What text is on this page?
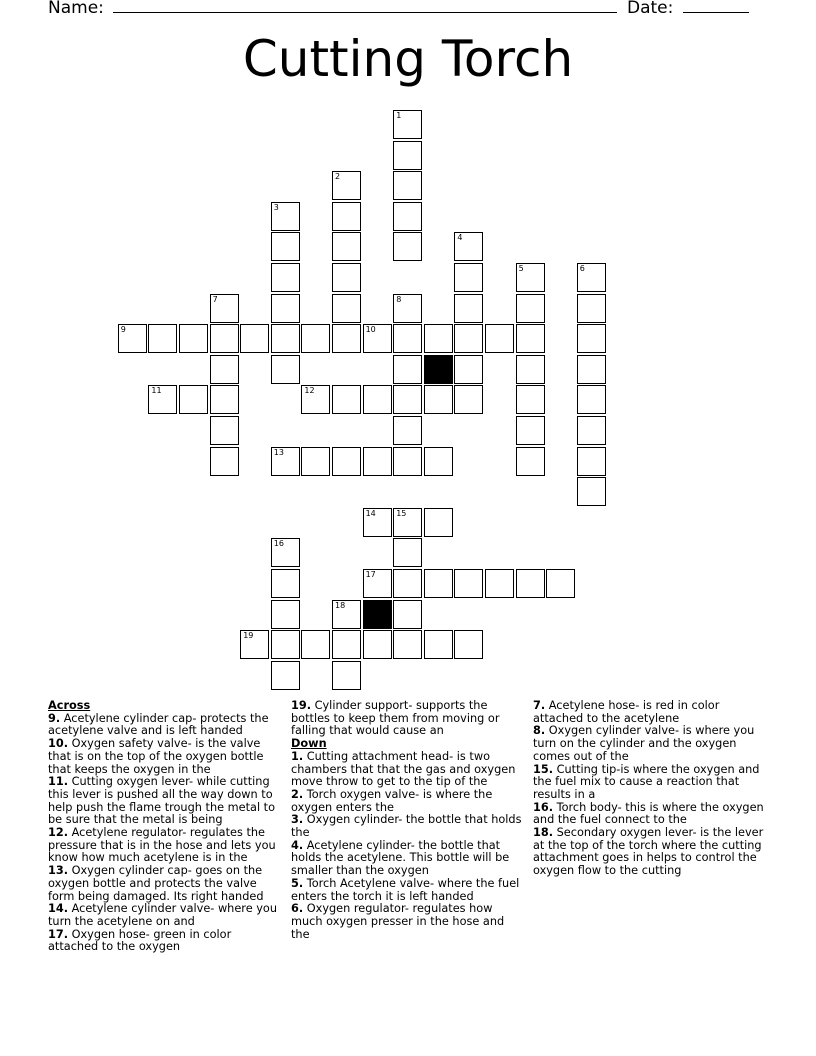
Name:	Date:
Cutting Torch
1
2
3
4
5	6
7	8
9	10
11	12
13
14	15
16
17
18
19
Across

9. Acetylene cylinder cap- protects the acetylene valve and is left handed

10. Oxygen safety valve- is the valve that is on the top of the oxygen bottle that keeps the oxygen in the

11. Cutting oxygen lever- while cutting this lever is pushed all the way down to help push the flame trough the metal to be sure that the metal is being

12. Acetylene regulator- regulates the pressure that is in the hose and lets you know how much acetylene is in the

13. Oxygen cylinder cap- goes on the oxygen bottle and protects the valve form being damaged. Its right handed

14. Acetylene cylinder valve- where you turn the acetylene on and

17. Oxygen hose- green in color attached to the oxygen

19. Cylinder support- supports the bottles to keep them from moving or falling that would cause an

Down

1. Cutting attachment head- is two chambers that that the gas and oxygen move throw to get to the tip of the

2. Torch oxygen valve- is where the oxygen enters the

3. Oxygen cylinder- the bottle that holds the

4. Acetylene cylinder- the bottle that holds the acetylene. This bottle will be smaller than the oxygen

5. Torch Acetylene valve- where the fuel enters the torch it is left handed

6. Oxygen regulator- regulates how much oxygen presser in the hose and the

7. Acetylene hose- is red in color attached to the acetylene

8. Oxygen cylinder valve- is where you turn on the cylinder and the oxygen comes out of the

15. Cutting tip-is where the oxygen and the fuel mix to cause a reaction that results in a

16. Torch body- this is where the oxygen and the fuel connect to the

18. Secondary oxygen lever- is the lever at the top of the torch where the cutting attachment goes in helps to control the oxygen flow to the cutting
